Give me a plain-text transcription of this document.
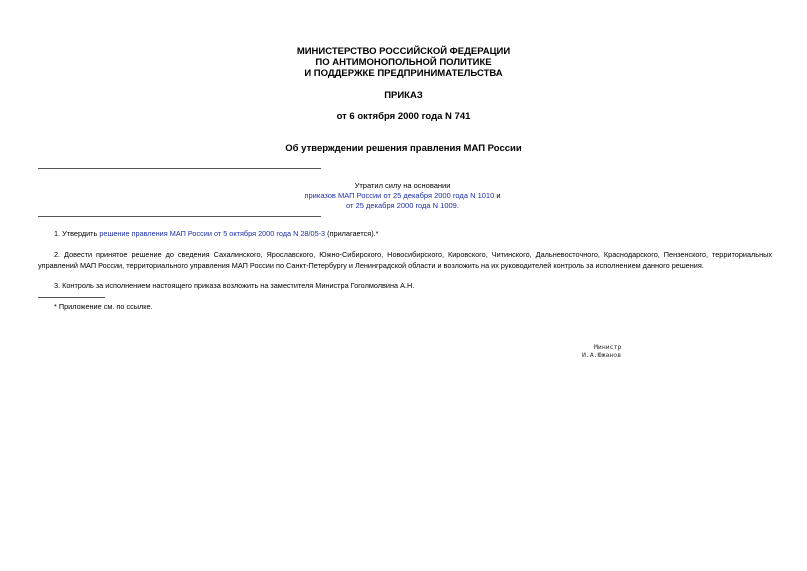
МИНИСТЕРСТВО РОССИЙСКОЙ ФЕДЕРАЦИИ
ПО АНТИМОНОПОЛЬНОЙ ПОЛИТИКЕ
И ПОДДЕРЖКЕ ПРЕДПРИНИМАТЕЛЬСТВА
ПРИКАЗ
от 6 октября 2000 года N 741
Об утверждении решения правления МАП России
Утратил силу на основании
приказов МАП России от 25 декабря 2000 года N 1010 и
от 25 декабря 2000 года N 1009.
1. Утвердить решение правления МАП России от 5 октября 2000 года N 28/05-3 (прилагается).*
2. Довести принятое решение до сведения Сахалинского, Ярославского, Южно-Сибирского, Новосибирского, Кировского, Читинского, Дальневосточного, Краснодарского, Пензенского, территориальных управлений МАП России, территориального управления МАП России по Санкт-Петербургу и Ленинградской области и возложить на их руководителей контроль за исполнением данного решения.
3. Контроль за исполнением настоящего приказа возложить на заместителя Министра Гоголмолвина А.Н.
* Приложение см. по ссылке.
Министр
И.А.Южанов
